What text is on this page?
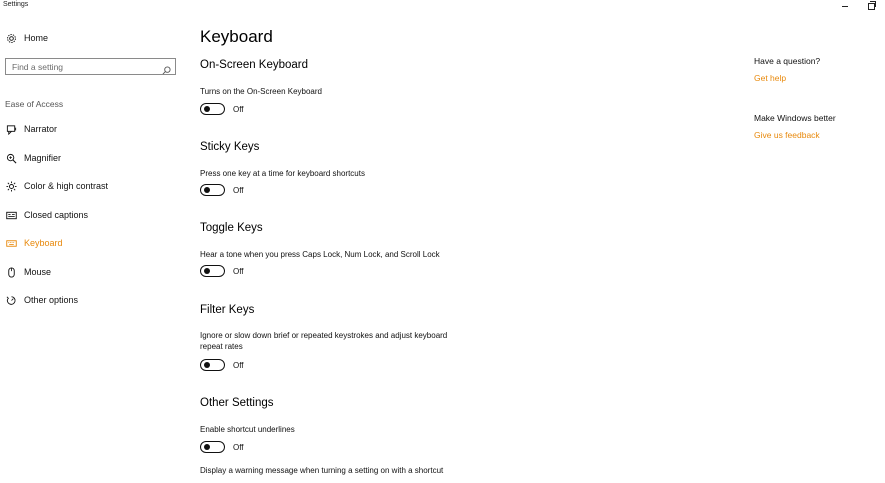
Settings
Home
Find a setting
Ease of Access
Narrator
Magnifier
Color & high contrast
Closed captions
Keyboard
Mouse
Other options
Keyboard
On-Screen Keyboard
Turns on the On-Screen Keyboard
Off
Sticky Keys
Press one key at a time for keyboard shortcuts
Off
Toggle Keys
Hear a tone when you press Caps Lock, Num Lock, and Scroll Lock
Off
Filter Keys
Ignore or slow down brief or repeated keystrokes and adjust keyboard repeat rates
Off
Other Settings
Enable shortcut underlines
Off
Display a warning message when turning a setting on with a shortcut
Have a question?
Get help
Make Windows better
Give us feedback
